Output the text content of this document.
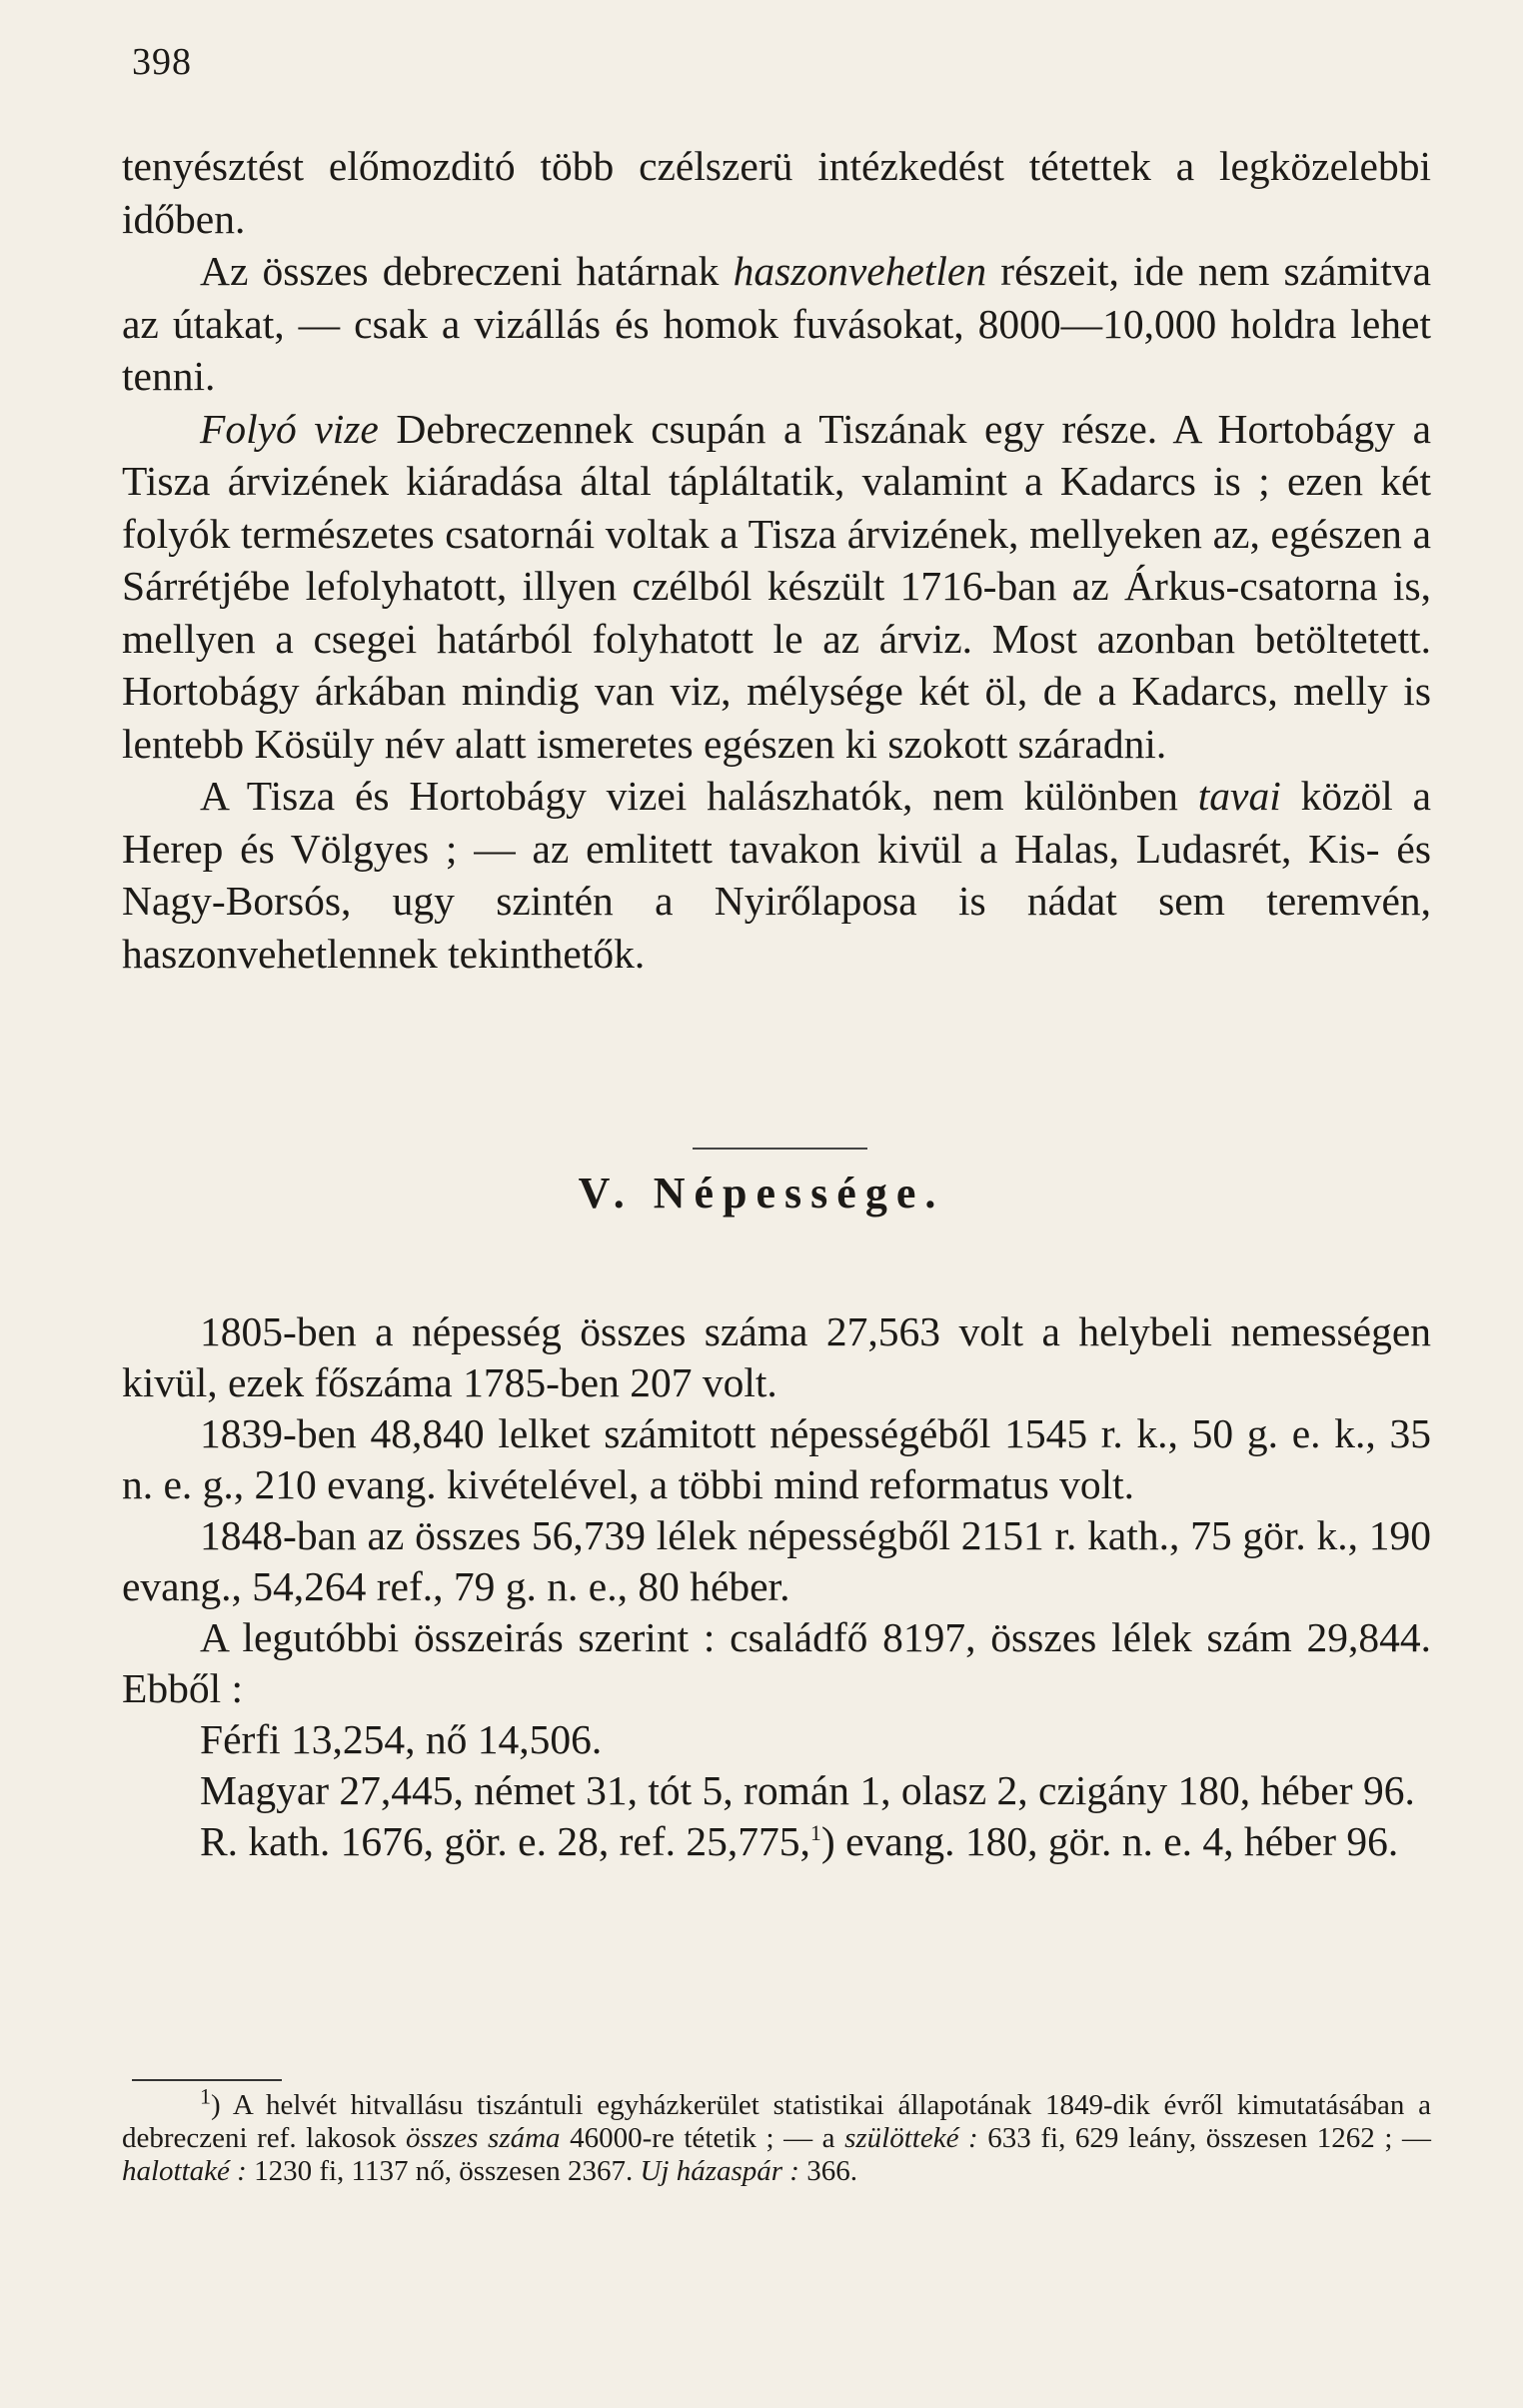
398

tenyésztést előmozditó több czélszerü intézkedést tétettek a legközelebbi időben.

Az összes debreczeni határnak haszonvehetlen részeit, ide nem számitva az útakat, — csak a vizállás és homok fuvásokat, 8000—10,000 holdra lehet tenni.

Folyó vize Debreczennek csupán a Tiszának egy része. A Hortobágy a Tisza árvizének kiáradása által tápláltatik, valamint a Kadarcs is ; ezen két folyók természetes csatornái voltak a Tisza árvizének, mellyeken az, egészen a Sárrétjébe lefolyhatott, illyen czélból készült 1716-ban az Árkus-csatorna is, mellyen a csegei határból folyhatott le az árviz. Most azonban betöltetett. Hortobágy árkában mindig van viz, mélysége két öl, de a Kadarcs, melly is lentebb Kösüly név alatt ismeretes egészen ki szokott száradni.

A Tisza és Hortobágy vizei halászhatók, nem különben tavai közöl a Herep és Völgyes ; — az emlitett tavakon kivül a Halas, Ludasrét, Kis- és Nagy-Borsós, ugy szintén a Nyirőlaposa is nádat sem teremvén, haszonvehetlennek tekinthetők.

V. Népessége.

1805-ben a népesség összes száma 27,563 volt a helybeli nemességen kivül, ezek főszáma 1785-ben 207 volt.

1839-ben 48,840 lelket számitott népességéből 1545 r. k., 50 g. e. k., 35 n. e. g., 210 evang. kivételével, a többi mind reformatus volt.

1848-ban az összes 56,739 lélek népességből 2151 r. kath., 75 gör. k., 190 evang., 54,264 ref., 79 g. n. e., 80 héber.

A legutóbbi összeirás szerint : családfő 8197, összes lélek szám 29,844. Ebből :

Férfi 13,254, nő 14,506.

Magyar 27,445, német 31, tót 5, román 1, olasz 2, czigány 180, héber 96.

R. kath. 1676, gör. e. 28, ref. 25,775,$^1$) evang. 180, gör. n. e. 4, héber 96.

$^1$) A helvét hitvallásu tiszántuli egyházkerület statistikai állapotának 1849-dik évről kimutatásában a debreczeni ref. lakosok összes száma 46000-re tétetik ; — a szülötteké : 633 fi, 629 leány, összesen 1262 ; — halottaké : 1230 fi, 1137 nő, összesen 2367. Uj házaspár : 366.
